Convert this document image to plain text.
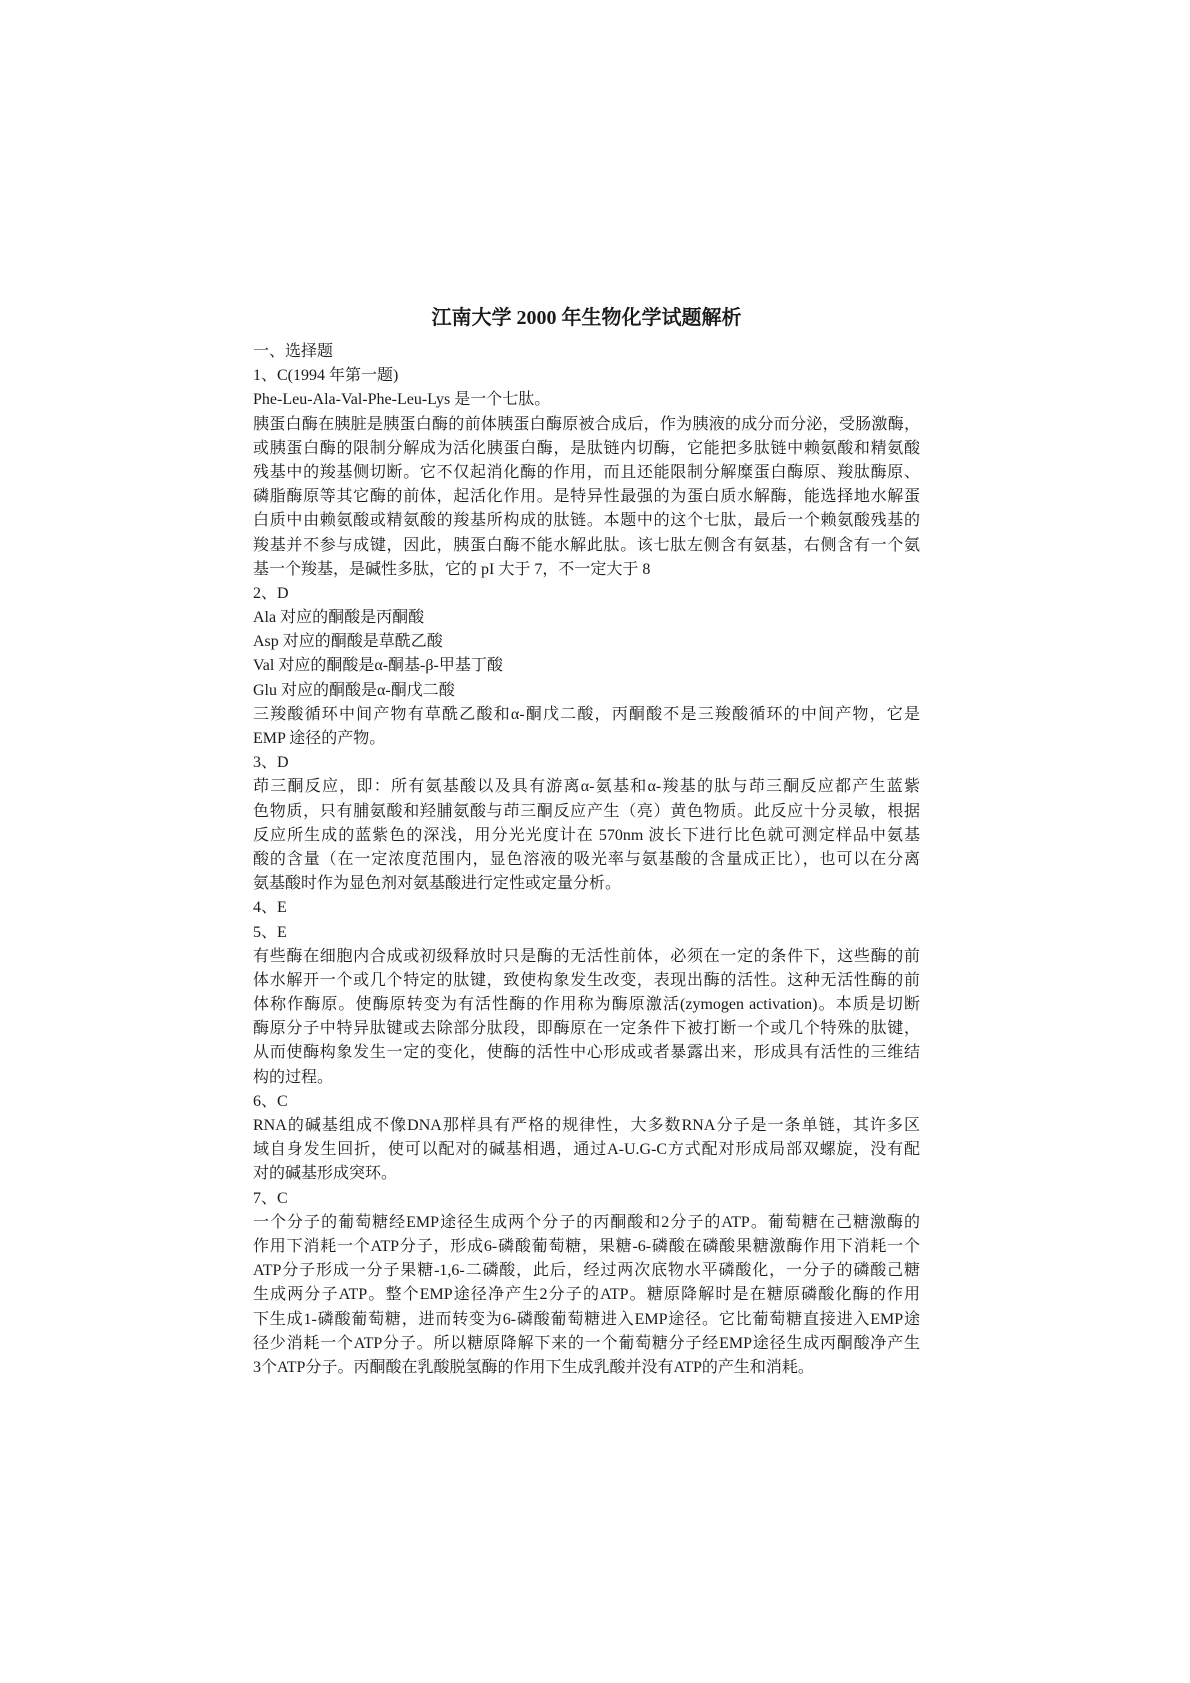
江南大学 2000 年生物化学试题解析
一、选择题
1、C(1994 年第一题)
Phe-Leu-Ala-Val-Phe-Leu-Lys 是一个七肽。
胰蛋白酶在胰脏是胰蛋白酶的前体胰蛋白酶原被合成后，作为胰液的成分而分泌，受肠激酶，
或胰蛋白酶的限制分解成为活化胰蛋白酶，是肽链内切酶，它能把多肽链中赖氨酸和精氨酸
残基中的羧基侧切断。它不仅起消化酶的作用，而且还能限制分解糜蛋白酶原、羧肽酶原、
磷脂酶原等其它酶的前体，起活化作用。是特异性最强的为蛋白质水解酶，能选择地水解蛋
白质中由赖氨酸或精氨酸的羧基所构成的肽链。本题中的这个七肽，最后一个赖氨酸残基的
羧基并不参与成键，因此，胰蛋白酶不能水解此肽。该七肽左侧含有氨基，右侧含有一个氨
基一个羧基，是碱性多肽，它的 pI 大于 7，不一定大于 8
2、D
Ala 对应的酮酸是丙酮酸
Asp 对应的酮酸是草酰乙酸
Val 对应的酮酸是α-酮基-β-甲基丁酸
Glu 对应的酮酸是α-酮戊二酸
三羧酸循环中间产物有草酰乙酸和α-酮戊二酸，丙酮酸不是三羧酸循环的中间产物，它是
EMP 途径的产物。
3、D
茚三酮反应，即：所有氨基酸以及具有游离α-氨基和α-羧基的肽与茚三酮反应都产生蓝紫
色物质，只有脯氨酸和羟脯氨酸与茚三酮反应产生（亮）黄色物质。此反应十分灵敏，根据
反应所生成的蓝紫色的深浅，用分光光度计在 570nm 波长下进行比色就可测定样品中氨基
酸的含量（在一定浓度范围内，显色溶液的吸光率与氨基酸的含量成正比），也可以在分离
氨基酸时作为显色剂对氨基酸进行定性或定量分析。
4、E
5、E
有些酶在细胞内合成或初级释放时只是酶的无活性前体，必须在一定的条件下，这些酶的前
体水解开一个或几个特定的肽键，致使构象发生改变，表现出酶的活性。这种无活性酶的前
体称作酶原。使酶原转变为有活性酶的作用称为酶原激活(zymogen activation)。本质是切断
酶原分子中特异肽键或去除部分肽段，即酶原在一定条件下被打断一个或几个特殊的肽键，
从而使酶构象发生一定的变化，使酶的活性中心形成或者暴露出来，形成具有活性的三维结
构的过程。
6、C
RNA的碱基组成不像DNA那样具有严格的规律性，大多数RNA分子是一条单链，其许多区
域自身发生回折，使可以配对的碱基相遇，通过A-U.G-C方式配对形成局部双螺旋，没有配
对的碱基形成突环。
7、C
一个分子的葡萄糖经EMP途径生成两个分子的丙酮酸和2分子的ATP。葡萄糖在己糖激酶的
作用下消耗一个ATP分子，形成6-磷酸葡萄糖，果糖-6-磷酸在磷酸果糖激酶作用下消耗一个
ATP分子形成一分子果糖-1,6-二磷酸，此后，经过两次底物水平磷酸化，一分子的磷酸己糖
生成两分子ATP。整个EMP途径净产生2分子的ATP。糖原降解时是在糖原磷酸化酶的作用
下生成1-磷酸葡萄糖，进而转变为6-磷酸葡萄糖进入EMP途径。它比葡萄糖直接进入EMP途
径少消耗一个ATP分子。所以糖原降解下来的一个葡萄糖分子经EMP途径生成丙酮酸净产生
3个ATP分子。丙酮酸在乳酸脱氢酶的作用下生成乳酸并没有ATP的产生和消耗。
